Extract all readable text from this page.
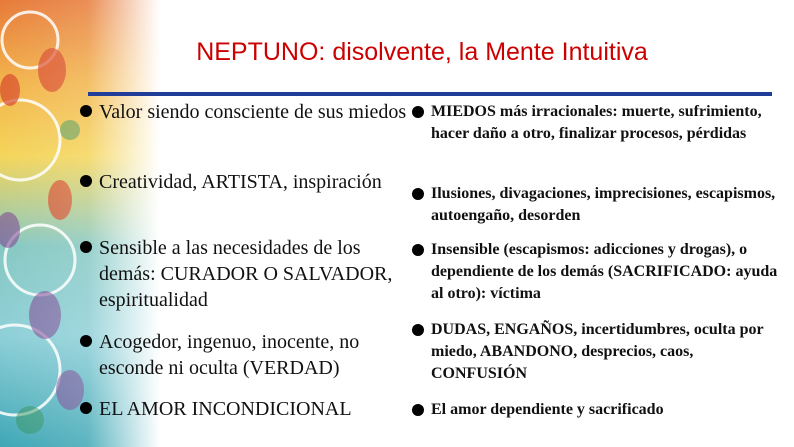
NEPTUNO: disolvente, la Mente Intuitiva
Valor siendo consciente de sus miedos
Creatividad, ARTISTA, inspiración
Sensible a las necesidades de los demás: CURADOR O SALVADOR, espiritualidad
Acogedor, ingenuo, inocente, no esconde ni oculta (VERDAD)
EL AMOR INCONDICIONAL
MIEDOS más irracionales: muerte, sufrimiento, hacer daño a otro, finalizar procesos, pérdidas
Ilusiones, divagaciones, imprecisiones, escapismos, autoengaño, desorden
Insensible (escapismos: adicciones y drogas), o dependiente de los demás (SACRIFICADO: ayuda al otro): víctima
DUDAS, ENGAÑOS, incertidumbres, oculta por miedo, ABANDONO, desprecios, caos, CONFUSIÓN
El amor dependiente y sacrificado
